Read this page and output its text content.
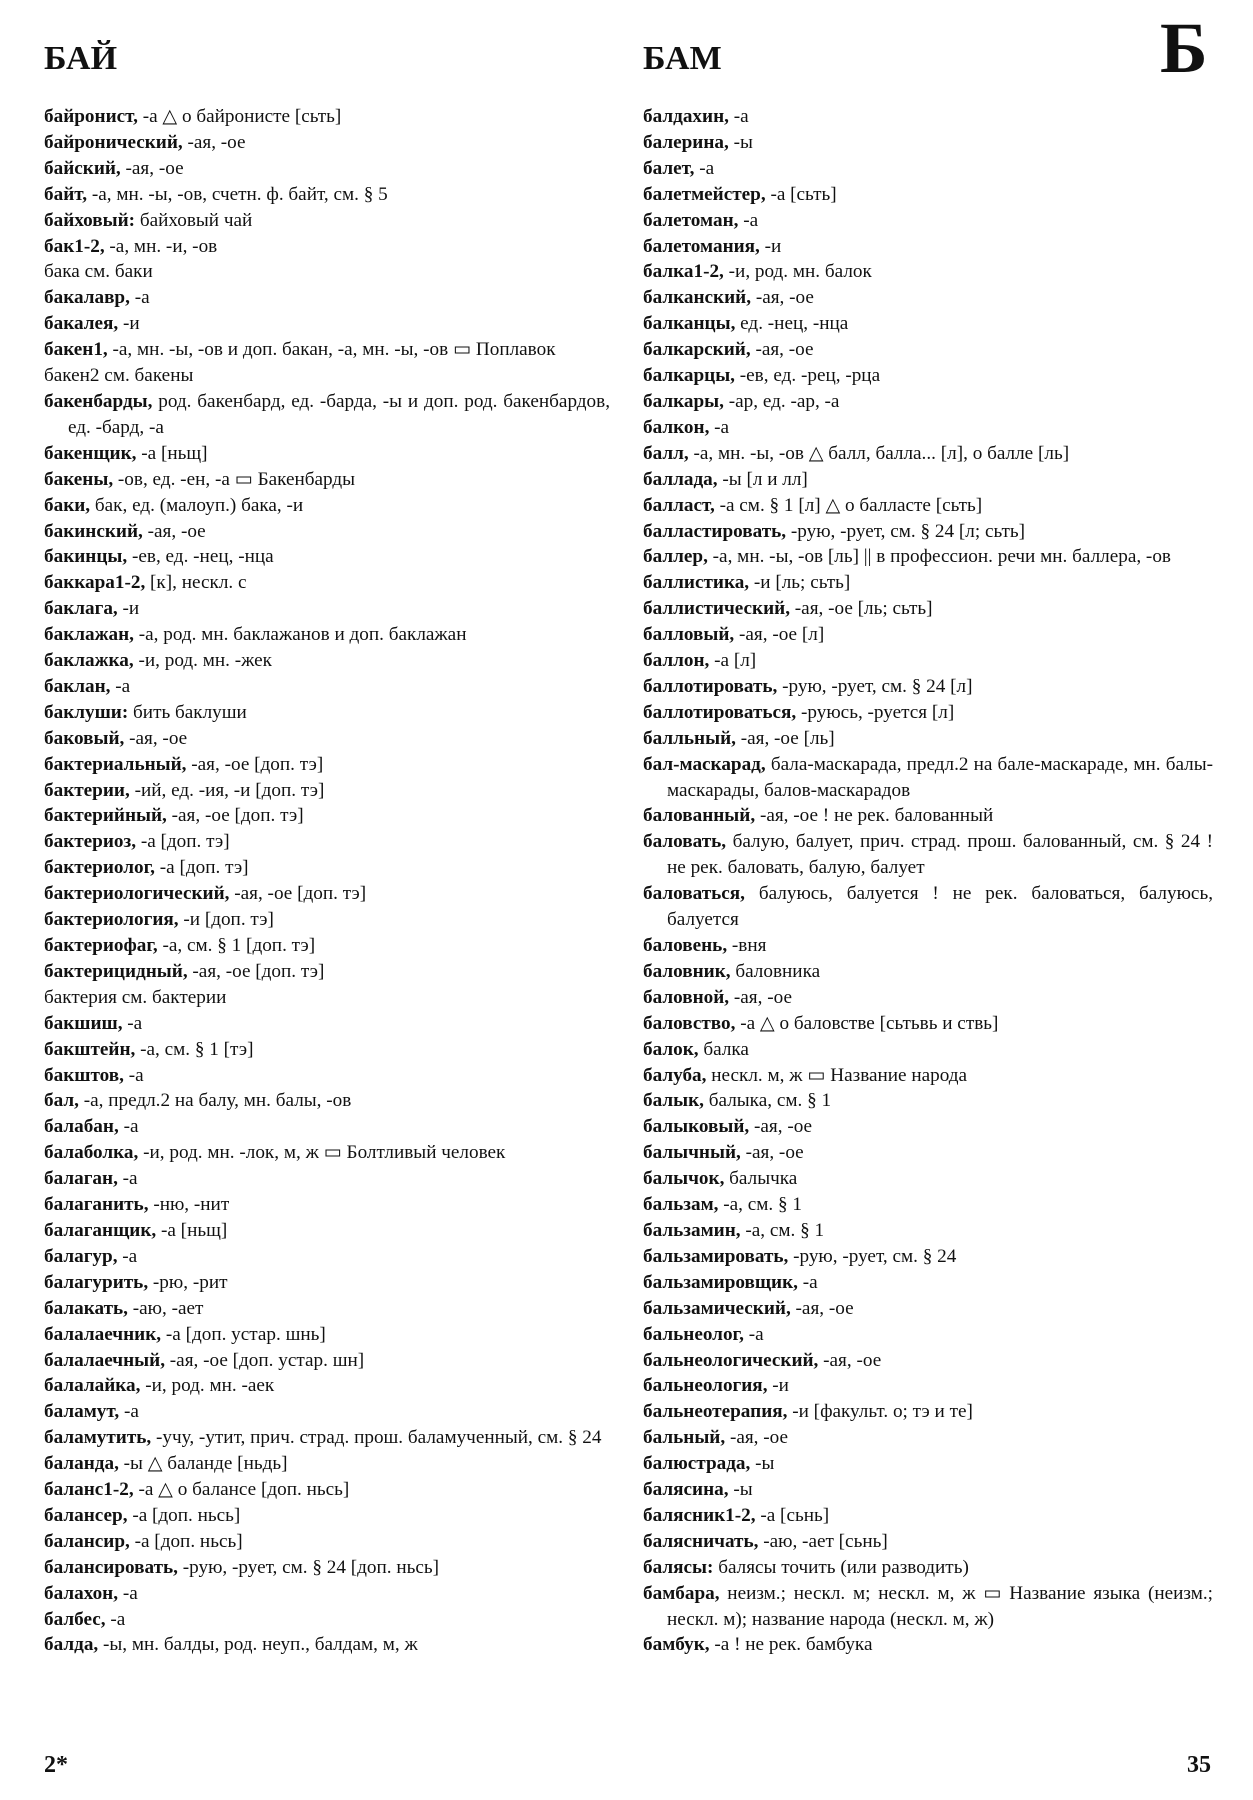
БАЙ	БАМ	Б
байронист, -а △ о байронисте [сьть]
байронический, -ая, -ое
байский, -ая, -ое
байт, -а, мн. -ы, -ов, счетн. ф. байт, см. § 5
байховый: байховый чай
бак1-2, -а, мн. -и, -ов
бака см. баки
бакалавр, -а
бакалея, -и
бакен1, -а, мн. -ы, -ов и доп. бакан, -а, мн. -ы, -ов ▭ Поплавок
бакен2 см. бакены
бакенбарды, род. бакенбард, ед. -барда, -ы и доп. род. бакенбардов, ед. -бард, -а
бакенщик, -а [ньщ]
бакены, -ов, ед. -ен, -а ▭ Бакенбарды
баки, бак, ед. (малоуп.) бака, -и
бакинский, -ая, -ое
бакинцы, -ев, ед. -нец, -нца
баккара1-2, [к], нескл. с
баклага, -и
баклажан, -а, род. мн. баклажанов и доп. баклажан
баклажка, -и, род. мн. -жек
баклан, -а
баклуши: бить баклуши
баковый, -ая, -ое
бактериальный, -ая, -ое [доп. тэ]
бактерии, -ий, ед. -ия, -и [доп. тэ]
бактерийный, -ая, -ое [доп. тэ]
бактериоз, -а [доп. тэ]
бактериолог, -а [доп. тэ]
бактериологический, -ая, -ое [доп. тэ]
бактериология, -и [доп. тэ]
бактериофаг, -а, см. § 1 [доп. тэ]
бактерицидный, -ая, -ое [доп. тэ]
бактерия см. бактерии
бакшиш, -а
бакштейн, -а, см. § 1 [тэ]
бакштов, -а
бал, -а, предл.2 на балу, мн. балы, -ов
балабан, -а
балаболка, -и, род. мн. -лок, м, ж ▭ Болтливый человек
балаган, -а
балаганить, -ню, -нит
балаганщик, -а [ньщ]
балагур, -а
балагурить, -рю, -рит
балакать, -аю, -ает
балалаечник, -а [доп. устар. шнь]
балалаечный, -ая, -ое [доп. устар. шн]
балалайка, -и, род. мн. -аек
баламут, -а
баламутить, -учу, -утит, прич. страд. прош. баламученный, см. § 24
баланда, -ы △ баланде [ньдь]
баланс1-2, -а △ о балансе [доп. ньсь]
балансер, -а [доп. ньсь]
балансир, -а [доп. ньсь]
балансировать, -рую, -рует, см. § 24 [доп. ньсь]
балахон, -а
балбес, -а
балда, -ы, мн. балды, род. неуп., балдам, м, ж
балдахин, -а
балерина, -ы
балет, -а
балетмейстер, -а [сьть]
балетоман, -а
балетомания, -и
балка1-2, -и, род. мн. балок
балканский, -ая, -ое
балканцы, ед. -нец, -нца
балкарский, -ая, -ое
балкарцы, -ев, ед. -рец, -рца
балкары, -ар, ед. -ар, -а
балкон, -а
балл, -а, мн. -ы, -ов △ балл, балла... [л], о балле [ль]
баллада, -ы [л и лл]
балласт, -а см. § 1 [л] △ о балласте [сьть]
балластировать, -рую, -рует, см. § 24 [л; сьть]
баллер, -а, мн. -ы, -ов [ль] || в профессион. речи мн. баллера, -ов
баллистика, -и [ль; сьть]
баллистический, -ая, -ое [ль; сьть]
балловый, -ая, -ое [л]
баллон, -а [л]
баллотировать, -рую, -рует, см. § 24 [л]
баллотироваться, -руюсь, -руется [л]
балльный, -ая, -ое [ль]
бал-маскарад, бала-маскарада, предл.2 на бале-маскараде, мн. балы-маскарады, балов-маскарадов
балованный, -ая, -ое ! не рек. балованный
баловать, балую, балует, прич. страд. прош. балованный, см. § 24 ! не рек. баловать, балую, балует
баловаться, балуюсь, балуется ! не рек. баловаться, балуюсь, балуется
баловень, -вня
баловник, баловника
баловной, -ая, -ое
баловство, -а △ о баловстве [сьтьвь и ствь]
балок, балка
балуба, нескл. м, ж ▭ Название народа
балык, балыка, см. § 1
балыковый, -ая, -ое
балычный, -ая, -ое
балычок, балычка
бальзам, -а, см. § 1
бальзамин, -а, см. § 1
бальзамировать, -рую, -рует, см. § 24
бальзамировщик, -а
бальзамический, -ая, -ое
бальнеолог, -а
бальнеологический, -ая, -ое
бальнеология, -и
бальнеотерапия, -и [факульт. о; тэ и те]
бальный, -ая, -ое
балюстрада, -ы
балясина, -ы
балясник1-2, -а [сьнь]
балясничать, -аю, -ает [сьнь]
балясы: балясы точить (или разводить)
бамбара, неизм.; нескл. м; нескл. м, ж ▭ Название языка (неизм.; нескл. м); название народа (нескл. м, ж)
бамбук, -а ! не рек. бамбука
2*	35
